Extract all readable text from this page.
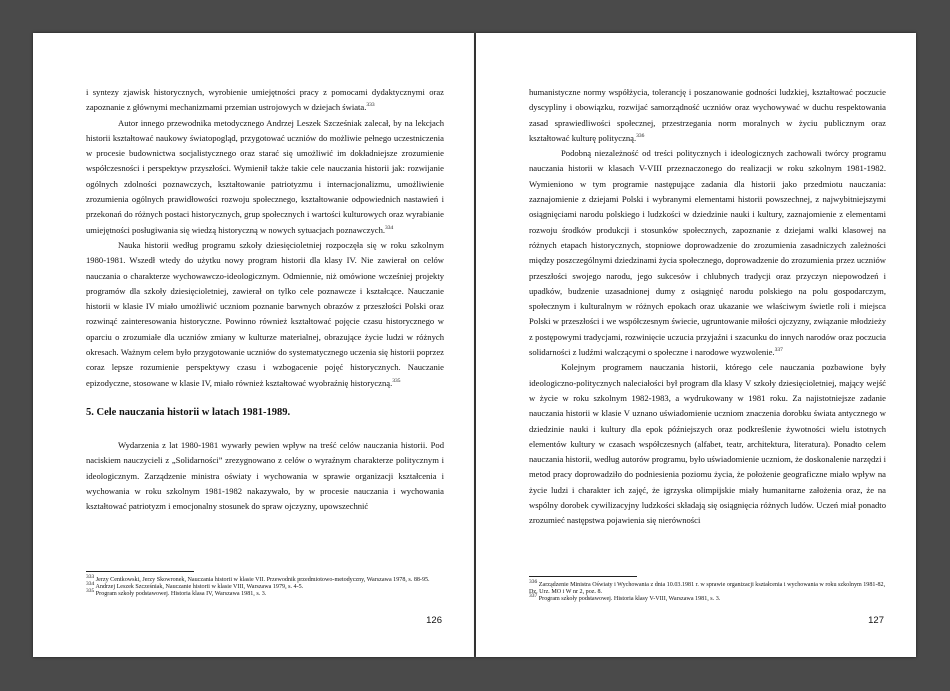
i syntezy zjawisk historycznych, wyrobienie umiejętności pracy z pomocami dydaktycznymi oraz zapoznanie z głównymi mechanizmami przemian ustrojowych w dziejach świata.$^{333}$

Autor innego przewodnika metodycznego Andrzej Leszek Szcześniak zalecał, by na lekcjach historii kształtować naukowy światopogląd, przygotować uczniów do możliwie pełnego uczestniczenia w procesie budownictwa socjalistycznego oraz starać się umożliwić im dokładniejsze zrozumienie współczesności i perspektyw przyszłości. Wymienił także takie cele nauczania historii jak: rozwijanie ogólnych zdolności poznawczych, kształtowanie patriotyzmu i internacjonalizmu, umożliwienie zrozumienia ogólnych prawidłowości rozwoju społecznego, kształtowanie odpowiednich nastawień i przekonań do różnych postaci historycznych, grup społecznych i wartości kulturowych oraz wyrabianie umiejętności posługiwania się wiedzą historyczną w nowych sytuacjach poznawczych.$^{334}$

Nauka historii według programu szkoły dziesięcioletniej rozpoczęła się w roku szkolnym 1980-1981. Wszedł wtedy do użytku nowy program historii dla klasy IV. Nie zawierał on celów nauczania o charakterze wychowawczo-ideologicznym. Odmiennie, niż omówione wcześniej projekty programów dla szkoły dziesięcioletniej, zawierał on tylko cele poznawcze i kształcące. Nauczanie historii w klasie IV miało umożliwić uczniom poznanie barwnych obrazów z przeszłości Polski oraz rozwinąć zainteresowania historyczne. Powinno również kształtować pojęcie czasu historycznego w oparciu o zrozumiałe dla uczniów zmiany w kulturze materialnej, obrazujące życie ludzi w różnych okresach. Ważnym celem było przygotowanie uczniów do systematycznego uczenia się historii poprzez coraz lepsze rozumienie perspektywy czasu i wzbogacenie pojęć historycznych. Nauczanie epizodyczne, stosowane w klasie IV, miało również kształtować wyobraźnię historyczną.$^{335}$

5. Cele nauczania historii w latach 1981-1989.

Wydarzenia z lat 1980-1981 wywarły pewien wpływ na treść celów nauczania historii. Pod naciskiem nauczycieli z „Solidarności” zrezygnowano z celów o wyraźnym charakterze politycznym i ideologicznym. Zarządzenie ministra oświaty i wychowania w sprawie organizacji kształcenia i wychowania w roku szkolnym 1981-1982 nakazywało, by w procesie nauczania i wychowania kształtować patriotyzm i emocjonalny stosunek do spraw ojczyzny, upowszechnić

$^{333}$ Jerzy Centkowski, Jerzy Skowronek, Nauczania historii w klasie VII. Przewodnik przedmiotowo-metodyczny, Warszawa 1978, s. 88-95.

$^{334}$ Andrzej Leszek Szcześniak, Nauczanie historii w klasie VIII, Warszawa 1979, s. 4-5.

$^{335}$ Program szkoły podstawowej. Historia klasa IV, Warszawa 1981, s. 3.

126

humanistyczne normy współżycia, tolerancję i poszanowanie godności ludzkiej, kształtować poczucie dyscypliny i obowiązku, rozwijać samorządność uczniów oraz wychowywać w duchu respektowania zasad sprawiedliwości społecznej, przestrzegania norm moralnych w życiu publicznym oraz kształtować kulturę polityczną.$^{336}$

Podobną niezależność od treści politycznych i ideologicznych zachowali twórcy programu nauczania historii w klasach V-VIII przeznaczonego do realizacji w roku szkolnym 1981-1982. Wymieniono w tym programie następujące zadania dla historii jako przedmiotu nauczania: zaznajomienie z dziejami Polski i wybranymi elementami historii powszechnej, z najwybitniejszymi osiągnięciami narodu polskiego i ludzkości w dziedzinie nauki i kultury, zaznajomienie z elementami rozwoju środków produkcji i stosunków społecznych, zapoznanie z dziejami walki klasowej na różnych etapach historycznych, stopniowe doprowadzenie do zrozumienia zasadniczych zależności między poszczególnymi dziedzinami życia społecznego, doprowadzenie do zrozumienia przez uczniów przeszłości swojego narodu, jego sukcesów i chlubnych tradycji oraz przyczyn niepowodzeń i upadków, budzenie uzasadnionej dumy z osiągnięć narodu polskiego na polu gospodarczym, społecznym i kulturalnym w różnych epokach oraz ukazanie we właściwym świetle roli i miejsca Polski w przeszłości i we współczesnym świecie, ugruntowanie miłości ojczyzny, związanie młodzieży z postępowymi tradycjami, rozwinięcie uczucia przyjaźni i szacunku do innych narodów oraz poczucia solidarności z ludźmi walczącymi o społeczne i narodowe wyzwolenie.$^{337}$

Kolejnym programem nauczania historii, którego cele nauczania pozbawione były ideologiczno-politycznych naleciałości był program dla klasy V szkoły dziesięcioletniej, mający wejść w życie w roku szkolnym 1982-1983, a wydrukowany w 1981 roku. Za najistotniejsze zadanie nauczania historii w klasie V uznano uświadomienie uczniom znaczenia dorobku świata antycznego w dziedzinie nauki i kultury dla epok późniejszych oraz podkreślenie żywotności wielu istotnych elementów kultury w czasach współczesnych (alfabet, teatr, architektura, literatura). Ponadto celem nauczania historii, według autorów programu, było uświadomienie uczniom, że doskonalenie narzędzi i metod pracy doprowadziło do podniesienia poziomu życia, że położenie geograficzne miało wpływ na życie ludzi i charakter ich zajęć, że igrzyska olimpijskie miały humanitarne założenia oraz, że na wspólny dorobek cywilizacyjny ludzkości składają się osiągnięcia różnych ludów. Uczeń miał ponadto zrozumieć następstwa pojawienia się nierówności

$^{336}$ Zarządzenie Ministra Oświaty i Wychowania z dnia 10.03.1981 r. w sprawie organizacji kształcenia i wychowania w roku szkolnym 1981-82, Dz. Urz. MO i W nr 2, poz. 8.

$^{337}$ Program szkoły podstawowej. Historia klasy V-VIII, Warszawa 1981, s. 3.

127
